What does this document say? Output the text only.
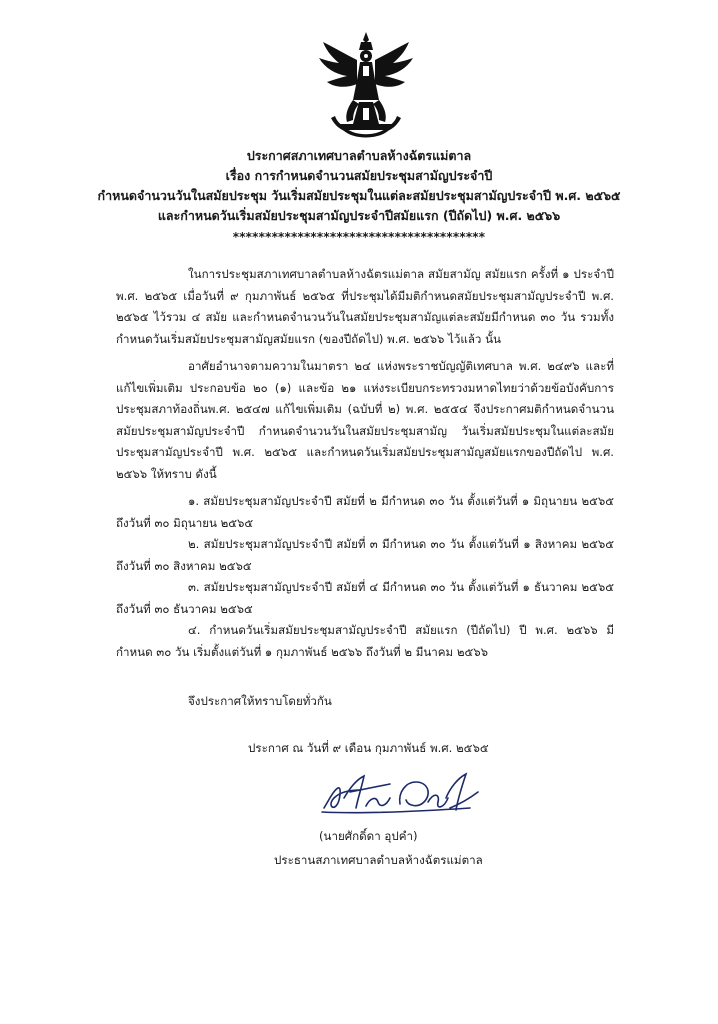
ประกาศสภาเทศบาลตำบลห้างฉัตรแม่ตาล
เรื่อง การกำหนดจำนวนสมัยประชุมสามัญประจำปี
กำหนดจำนวนวันในสมัยประชุม วันเริ่มสมัยประชุมในแต่ละสมัยประชุมสามัญประจำปี พ.ศ. ๒๕๖๕
และกำหนดวันเริ่มสมัยประชุมสามัญประจำปีสมัยแรก (ปีถัดไป) พ.ศ. ๒๕๖๖
***************************************

ในการประชุมสภาเทศบาลตำบลห้างฉัตรแม่ตาล สมัยสามัญ สมัยแรก ครั้งที่ ๑ ประจำปี พ.ศ. ๒๕๖๕ เมื่อวันที่ ๙ กุมภาพันธ์ ๒๕๖๕ ที่ประชุมได้มีมติกำหนดสมัยประชุมสามัญประจำปี พ.ศ. ๒๕๖๕ ไว้รวม ๔ สมัย และกำหนดจำนวนวันในสมัยประชุมสามัญแต่ละสมัยมีกำหนด ๓๐ วัน รวมทั้งกำหนดวันเริ่มสมัยประชุมสามัญสมัยแรก (ของปีถัดไป) พ.ศ. ๒๕๖๖ ไว้แล้ว นั้น

อาศัยอำนาจตามความในมาตรา ๒๔ แห่งพระราชบัญญัติเทศบาล พ.ศ. ๒๔๙๖ และที่แก้ไขเพิ่มเติม ประกอบข้อ ๒๐ (๑) และข้อ ๒๑ แห่งระเบียบกระทรวงมหาดไทยว่าด้วยข้อบังคับการประชุมสภาท้องถิ่นพ.ศ. ๒๕๔๗ แก้ไขเพิ่มเติม (ฉบับที่ ๒) พ.ศ. ๒๕๕๔ จึงประกาศมติกำหนดจำนวนสมัยประชุมสามัญประจำปี กำหนดจำนวนวันในสมัยประชุมสามัญ วันเริ่มสมัยประชุมในแต่ละสมัยประชุมสามัญประจำปี พ.ศ. ๒๕๖๕ และกำหนดวันเริ่มสมัยประชุมสามัญสมัยแรกของปีถัดไป พ.ศ. ๒๕๖๖ ให้ทราบ ดังนี้

๑. สมัยประชุมสามัญประจำปี สมัยที่ ๒ มีกำหนด ๓๐ วัน ตั้งแต่วันที่ ๑ มิถุนายน ๒๕๖๕ ถึงวันที่ ๓๐ มิถุนายน ๒๕๖๕

๒. สมัยประชุมสามัญประจำปี สมัยที่ ๓ มีกำหนด ๓๐ วัน ตั้งแต่วันที่ ๑ สิงหาคม ๒๕๖๕ ถึงวันที่ ๓๐ สิงหาคม ๒๕๖๕

๓. สมัยประชุมสามัญประจำปี สมัยที่ ๔ มีกำหนด ๓๐ วัน ตั้งแต่วันที่ ๑ ธันวาคม ๒๕๖๕ ถึงวันที่ ๓๐ ธันวาคม ๒๕๖๕

๔. กำหนดวันเริ่มสมัยประชุมสามัญประจำปี สมัยแรก (ปีถัดไป) ปี พ.ศ. ๒๕๖๖ มีกำหนด ๓๐ วัน เริ่มตั้งแต่วันที่ ๑ กุมภาพันธ์ ๒๕๖๖ ถึงวันที่ ๒ มีนาคม ๒๕๖๖

จึงประกาศให้ทราบโดยทั่วกัน
ประกาศ ณ วันที่ ๙ เดือน กุมภาพันธ์ พ.ศ. ๒๕๖๕
(นายศักดิ์ดา อุปคำ)
ประธานสภาเทศบาลตำบลห้างฉัตรแม่ตาล
